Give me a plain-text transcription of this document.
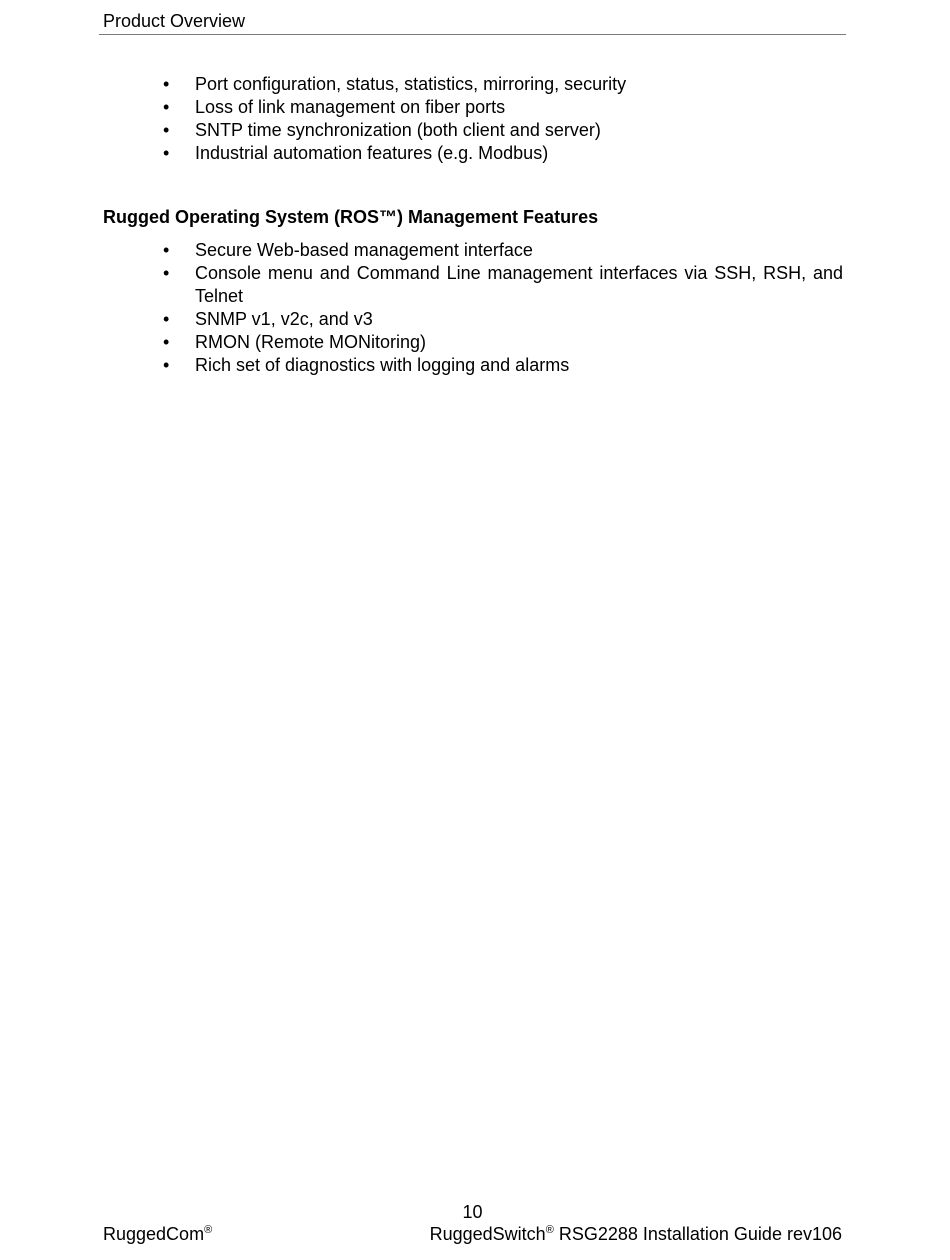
Product Overview
• Port configuration, status, statistics, mirroring, security
• Loss of link management on fiber ports
• SNTP time synchronization (both client and server)
• Industrial automation features (e.g. Modbus)
Rugged Operating System (ROS™) Management Features
• Secure Web-based management interface
• Console menu and Command Line management interfaces via SSH, RSH, and Telnet
• SNMP v1, v2c, and v3
• RMON (Remote MONitoring)
• Rich set of diagnostics with logging and alarms
10
RuggedCom®	RuggedSwitch® RSG2288 Installation Guide rev106
